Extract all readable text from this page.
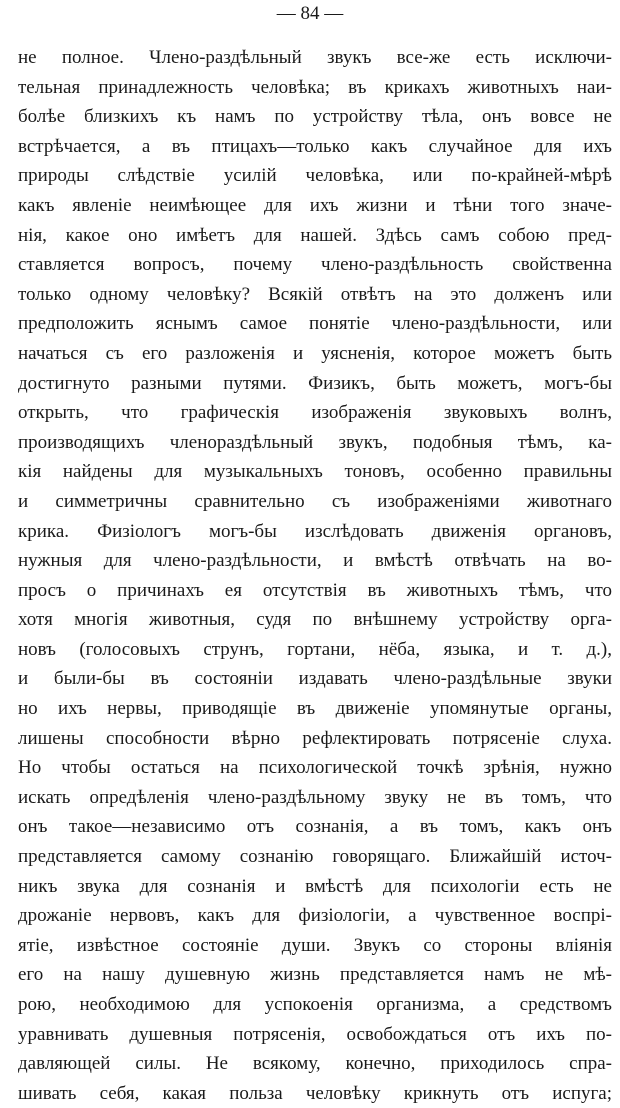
— 84 —
не полное. Члено-раздѣльный звукъ все-же есть исключи-
тельная принадлежность человѣка; въ крикахъ животныхъ наи-
болѣе близкихъ къ намъ по устройству тѣла, онъ вовсе не
встрѣчается, а въ птицахъ—только какъ случайное для ихъ
природы слѣдствіе усилій человѣка, или по-крайней-мѣрѣ
какъ явленіе неимѣющее для ихъ жизни и тѣни того значе-
нія, какое оно имѣетъ для нашей. Здѣсь самъ собою пред-
ставляется вопросъ, почему члено-раздѣльность свойственна
только одному человѣку? Всякій отвѣтъ на это долженъ или
предположить яснымъ самое понятіе члено-раздѣльности, или
начаться съ его разложенія и уясненія, которое можетъ быть
достигнуто разными путями. Физикъ, быть можетъ, могъ-бы
открыть, что графическія изображенія звуковыхъ волнъ,
производящихъ членораздѣльный звукъ, подобныя тѣмъ, ка-
кія найдены для музыкальныхъ тоновъ, особенно правильны
и симметричны сравнительно съ изображеніями животнаго
крика. Физіологъ могъ-бы изслѣдовать движенія органовъ,
нужныя для члено-раздѣльности, и вмѣстѣ отвѣчать на во-
просъ о причинахъ ея отсутствія въ животныхъ тѣмъ, что
хотя многія животныя, судя по внѣшнему устройству орга-
новъ (голосовыхъ струнъ, гортани, нёба, языка, и т. д.),
и были-бы въ состояніи издавать члено-раздѣльные звуки
но ихъ нервы, приводящіе въ движеніе упомянутые органы,
лишены способности вѣрно рефлектировать потрясеніе слуха.
Но чтобы остаться на психологической точкѣ зрѣнія, нужно
искать опредѣленія члено-раздѣльному звуку не въ томъ, что
онъ такое—независимо отъ сознанія, а въ томъ, какъ онъ
представляется самому сознанію говорящаго. Ближайшій источ-
никъ звука для сознанія и вмѣстѣ для психологіи есть не
дрожаніе нервовъ, какъ для физіологіи, а чувственное воспрі-
ятіе, извѣстное состояніе души. Звукъ со стороны вліянія
его на нашу душевную жизнь представляется намъ не мѣ-
рою, необходимою для успокоенія организма, а средствомъ
уравнивать душевныя потрясенія, освобождаться отъ ихъ по-
давляющей силы. Не всякому, конечно, приходилось спра-
шивать себя, какая польза человѣку крикнуть отъ испуга;
